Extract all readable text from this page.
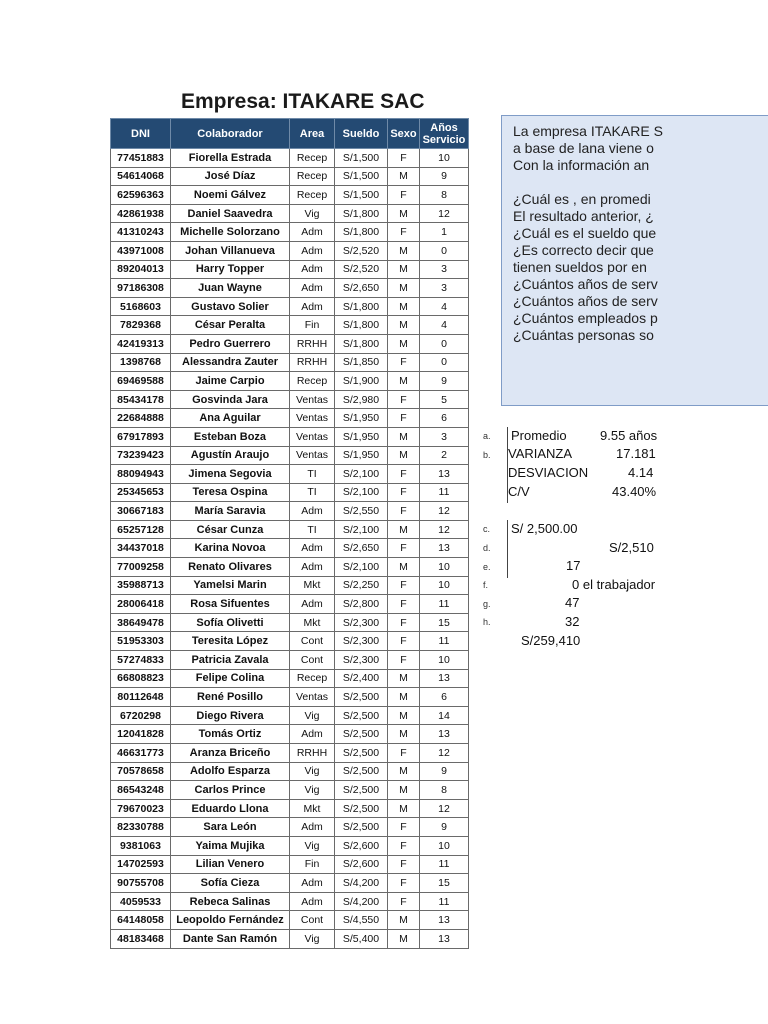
Empresa: ITAKARE SAC
DNI	Colaborador	Area	Sueldo	Sexo	Años
Servicio
77451883	Fiorella Estrada	Recep	S/1,500	F	10
54614068	José Díaz	Recep	S/1,500	M	9
62596363	Noemi Gálvez	Recep	S/1,500	F	8
42861938	Daniel Saavedra	Vig	S/1,800	M	12
41310243	Michelle Solorzano	Adm	S/1,800	F	1
43971008	Johan Villanueva	Adm	S/2,520	M	0
89204013	Harry Topper	Adm	S/2,520	M	3
97186308	Juan Wayne	Adm	S/2,650	M	3
5168603	Gustavo Solier	Adm	S/1,800	M	4
7829368	César Peralta	Fin	S/1,800	M	4
42419313	Pedro Guerrero	RRHH	S/1,800	M	0
1398768	Alessandra Zauter	RRHH	S/1,850	F	0
69469588	Jaime Carpio	Recep	S/1,900	M	9
85434178	Gosvinda Jara	Ventas	S/2,980	F	5
22684888	Ana Aguilar	Ventas	S/1,950	F	6
67917893	Esteban Boza	Ventas	S/1,950	M	3
73239423	Agustín Araujo	Ventas	S/1,950	M	2
88094943	Jimena Segovia	TI	S/2,100	F	13
25345653	Teresa Ospina	TI	S/2,100	F	11
30667183	María Saravia	Adm	S/2,550	F	12
65257128	César Cunza	TI	S/2,100	M	12
34437018	Karina Novoa	Adm	S/2,650	F	13
77009258	Renato Olivares	Adm	S/2,100	M	10
35988713	Yamelsi Marin	Mkt	S/2,250	F	10
28006418	Rosa Sifuentes	Adm	S/2,800	F	11
38649478	Sofía Olivetti	Mkt	S/2,300	F	15
51953303	Teresita López	Cont	S/2,300	F	11
57274833	Patricia Zavala	Cont	S/2,300	F	10
66808823	Felipe Colina	Recep	S/2,400	M	13
80112648	René Posillo	Ventas	S/2,500	M	6
6720298	Diego Rivera	Vig	S/2,500	M	14
12041828	Tomás Ortiz	Adm	S/2,500	M	13
46631773	Aranza Briceño	RRHH	S/2,500	F	12
70578658	Adolfo Esparza	Vig	S/2,500	M	9
86543248	Carlos Prince	Vig	S/2,500	M	8
79670023	Eduardo Llona	Mkt	S/2,500	M	12
82330788	Sara León	Adm	S/2,500	F	9
9381063	Yaima Mujika	Vig	S/2,600	F	10
14702593	Lilian Venero	Fin	S/2,600	F	11
90755708	Sofía Cieza	Adm	S/4,200	F	15
4059533	Rebeca Salinas	Adm	S/4,200	F	11
64148058	Leopoldo Fernández	Cont	S/4,550	M	13
48183468	Dante San Ramón	Vig	S/5,400	M	13
La empresa ITAKARE S
a base de lana viene o
Con la información an
¿Cuál es , en promedi
El resultado anterior, ¿
¿Cuál es el sueldo que
¿Es correcto decir que
tienen sueldos por en
¿Cuántos años de serv
¿Cuántos años de serv
¿Cuántos empleados p
¿Cuántas personas so
a.
b.
c.
d.
e.
f.
g.
h.
Promedio	9.55 años
VARIANZA	17.181
DESVIACION	4.14
C/V	43.40%
S/ 2,500.00
S/2,510
17
0 el trabajador
47
32
S/259,410
